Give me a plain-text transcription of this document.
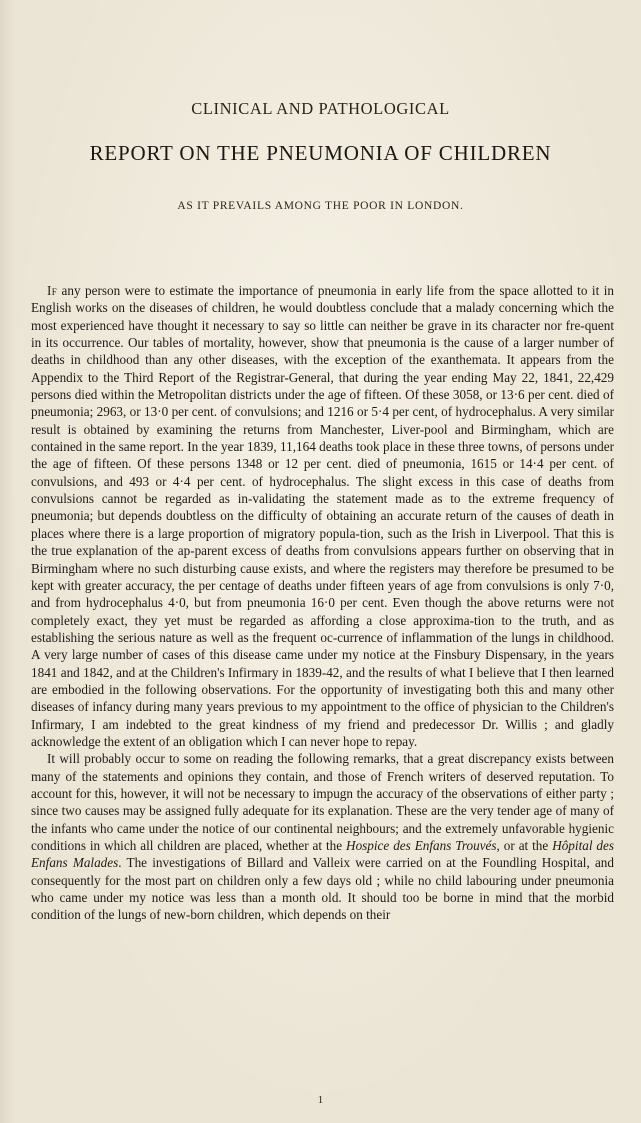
CLINICAL AND PATHOLOGICAL
REPORT ON THE PNEUMONIA OF CHILDREN
AS IT PREVAILS AMONG THE POOR IN LONDON.

If any person were to estimate the importance of pneumonia in early life from the space allotted to it in English works on the diseases of children, he would doubtless conclude that a malady concerning which the most experienced have thought it necessary to say so little can neither be grave in its character nor fre-quent in its occurrence. Our tables of mortality, however, show that pneumonia is the cause of a larger number of deaths in childhood than any other diseases, with the exception of the exanthemata. It appears from the Appendix to the Third Report of the Registrar-General, that during the year ending May 22, 1841, 22,429 persons died within the Metropolitan districts under the age of fifteen. Of these 3058, or 13·6 per cent. died of pneumonia; 2963, or 13·0 per cent. of convulsions; and 1216 or 5·4 per cent, of hydrocephalus. A very similar result is obtained by examining the returns from Manchester, Liver-pool and Birmingham, which are contained in the same report. In the year 1839, 11,164 deaths took place in these three towns, of persons under the age of fifteen. Of these persons 1348 or 12 per cent. died of pneumonia, 1615 or 14·4 per cent. of convulsions, and 493 or 4·4 per cent. of hydrocephalus. The slight excess in this case of deaths from convulsions cannot be regarded as in-validating the statement made as to the extreme frequency of pneumonia; but depends doubtless on the difficulty of obtaining an accurate return of the causes of death in places where there is a large proportion of migratory popula-tion, such as the Irish in Liverpool. That this is the true explanation of the ap-parent excess of deaths from convulsions appears further on observing that in Birmingham where no such disturbing cause exists, and where the registers may therefore be presumed to be kept with greater accuracy, the per centage of deaths under fifteen years of age from convulsions is only 7·0, and from hydrocephalus 4·0, but from pneumonia 16·0 per cent. Even though the above returns were not completely exact, they yet must be regarded as affording a close approxima-tion to the truth, and as establishing the serious nature as well as the frequent oc-currence of inflammation of the lungs in childhood. A very large number of cases of this disease came under my notice at the Finsbury Dispensary, in the years 1841 and 1842, and at the Children's Infirmary in 1839-42, and the results of what I believe that I then learned are embodied in the following observations. For the opportunity of investigating both this and many other diseases of infancy during many years previous to my appointment to the office of physician to the Children's Infirmary, I am indebted to the great kindness of my friend and predecessor Dr. Willis ; and gladly acknowledge the extent of an obligation which I can never hope to repay.

It will probably occur to some on reading the following remarks, that a great discrepancy exists between many of the statements and opinions they contain, and those of French writers of deserved reputation. To account for this, however, it will not be necessary to impugn the accuracy of the observations of either party ; since two causes may be assigned fully adequate for its explanation. These are the very tender age of many of the infants who came under the notice of our continental neighbours; and the extremely unfavorable hygienic conditions in which all children are placed, whether at the Hospice des Enfans Trouvés, or at the Hôpital des Enfans Malades. The investigations of Billard and Valleix were carried on at the Foundling Hospital, and consequently for the most part on children only a few days old ; while no child labouring under pneumonia who came under my notice was less than a month old. It should too be borne in mind that the morbid condition of the lungs of new-born children, which depends on their

1
